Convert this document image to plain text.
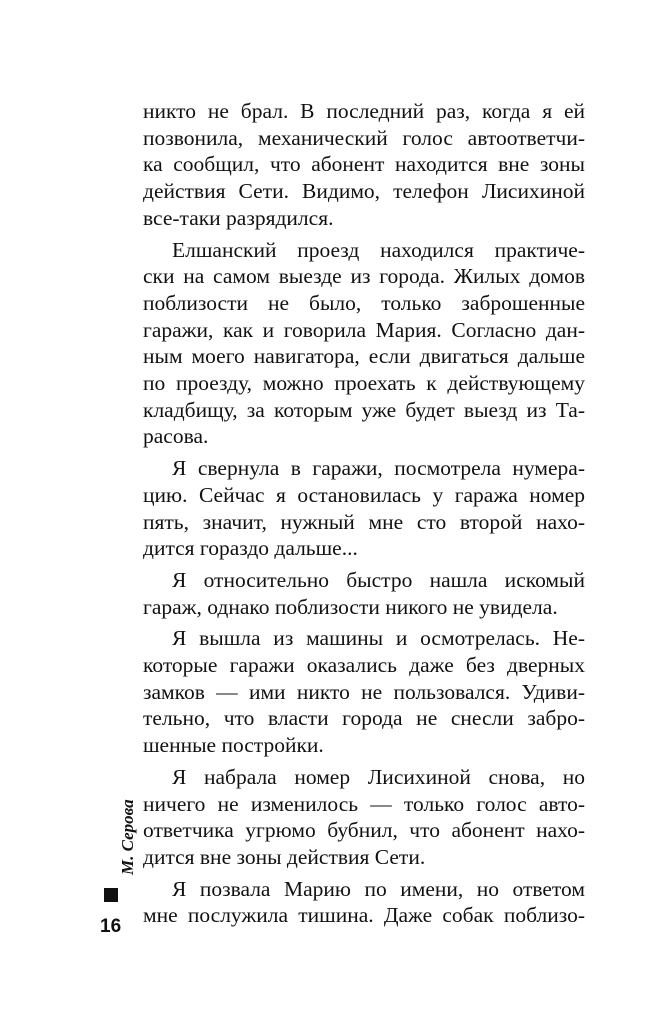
никто не брал. В последний раз, когда я ей
позвонила, механический голос автоответчи-
ка сообщил, что абонент находится вне зоны
действия Сети. Видимо, телефон Лисихиной
все-таки разрядился.
Елшанский проезд находился практиче-
ски на самом выезде из города. Жилых домов
поблизости не было, только заброшенные
гаражи, как и говорила Мария. Согласно дан-
ным моего навигатора, если двигаться дальше
по проезду, можно проехать к действующему
кладбищу, за которым уже будет выезд из Та-
расова.
Я свернула в гаражи, посмотрела нумера-
цию. Сейчас я остановилась у гаража номер
пять, значит, нужный мне сто второй нахо-
дится гораздо дальше...
Я относительно быстро нашла искомый
гараж, однако поблизости никого не увидела.
Я вышла из машины и осмотрелась. Не-
которые гаражи оказались даже без дверных
замков — ими никто не пользовался. Удиви-
тельно, что власти города не снесли забро-
шенные постройки.
Я набрала номер Лисихиной снова, но
ничего не изменилось — только голос авто-
ответчика угрюмо бубнил, что абонент нахо-
дится вне зоны действия Сети.
Я позвала Марию по имени, но ответом
мне послужила тишина. Даже собак поблизо-
М. Серова
16
